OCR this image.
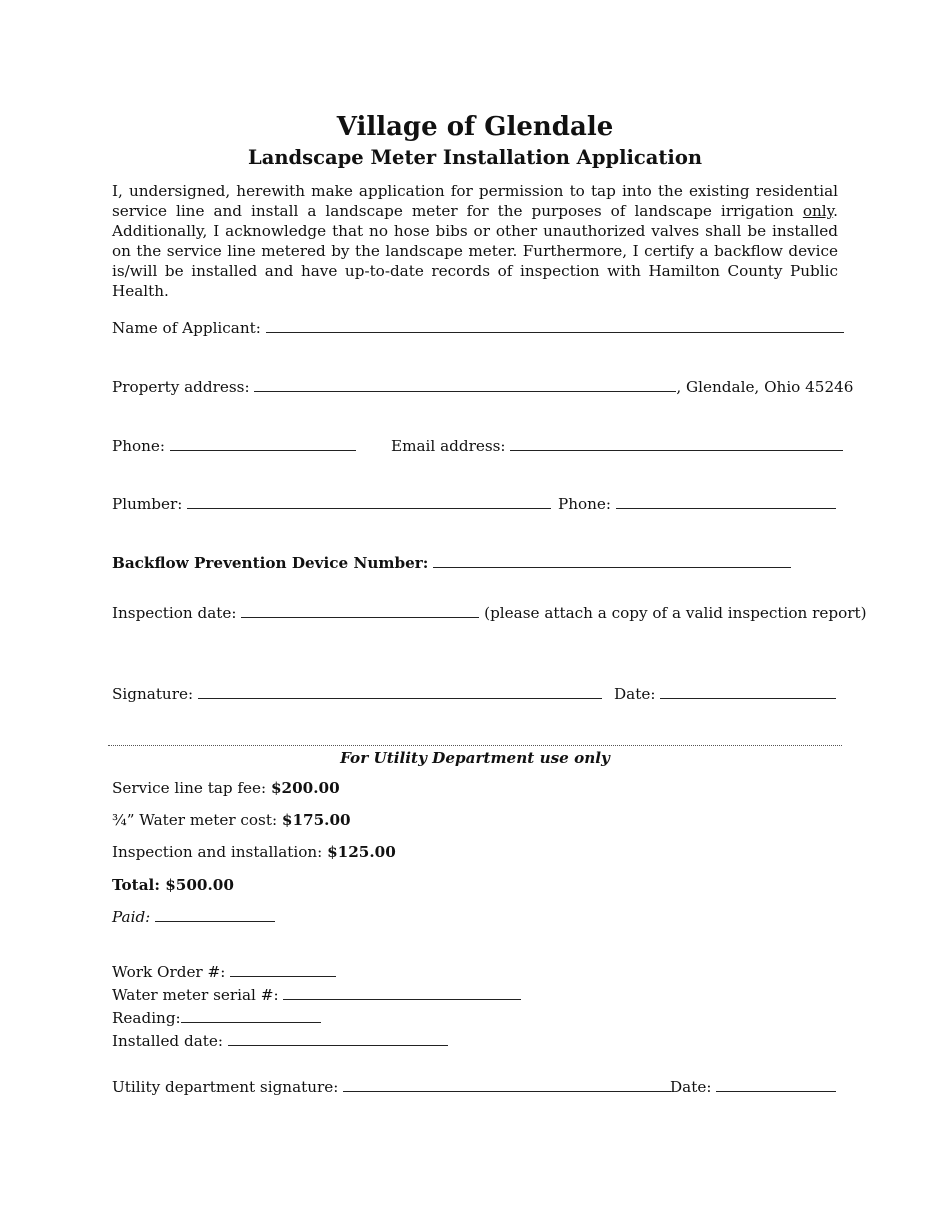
Village of Glendale
Landscape Meter Installation Application
I, undersigned, herewith make application for permission to tap into the existing residential service line and install a landscape meter for the purposes of landscape irrigation only. Additionally, I acknowledge that no hose bibs or other unauthorized valves shall be installed on the service line metered by the landscape meter. Furthermore, I certify a backflow device is/will be installed and have up-to-date records of inspection with Hamilton County Public Health.
Name of Applicant:
Property address:	, Glendale, Ohio 45246
Phone:	Email address:
Plumber:	Phone:
Backflow Prevention Device Number:
Inspection date:	(please attach a copy of a valid inspection report)
Signature:	Date:
For Utility Department use only
Service line tap fee: $200.00
¾” Water meter cost: $175.00
Inspection and installation: $125.00
Total: $500.00
Paid:
Work Order #:
Water meter serial #:
Reading:
Installed date:
Utility department signature:	Date:
